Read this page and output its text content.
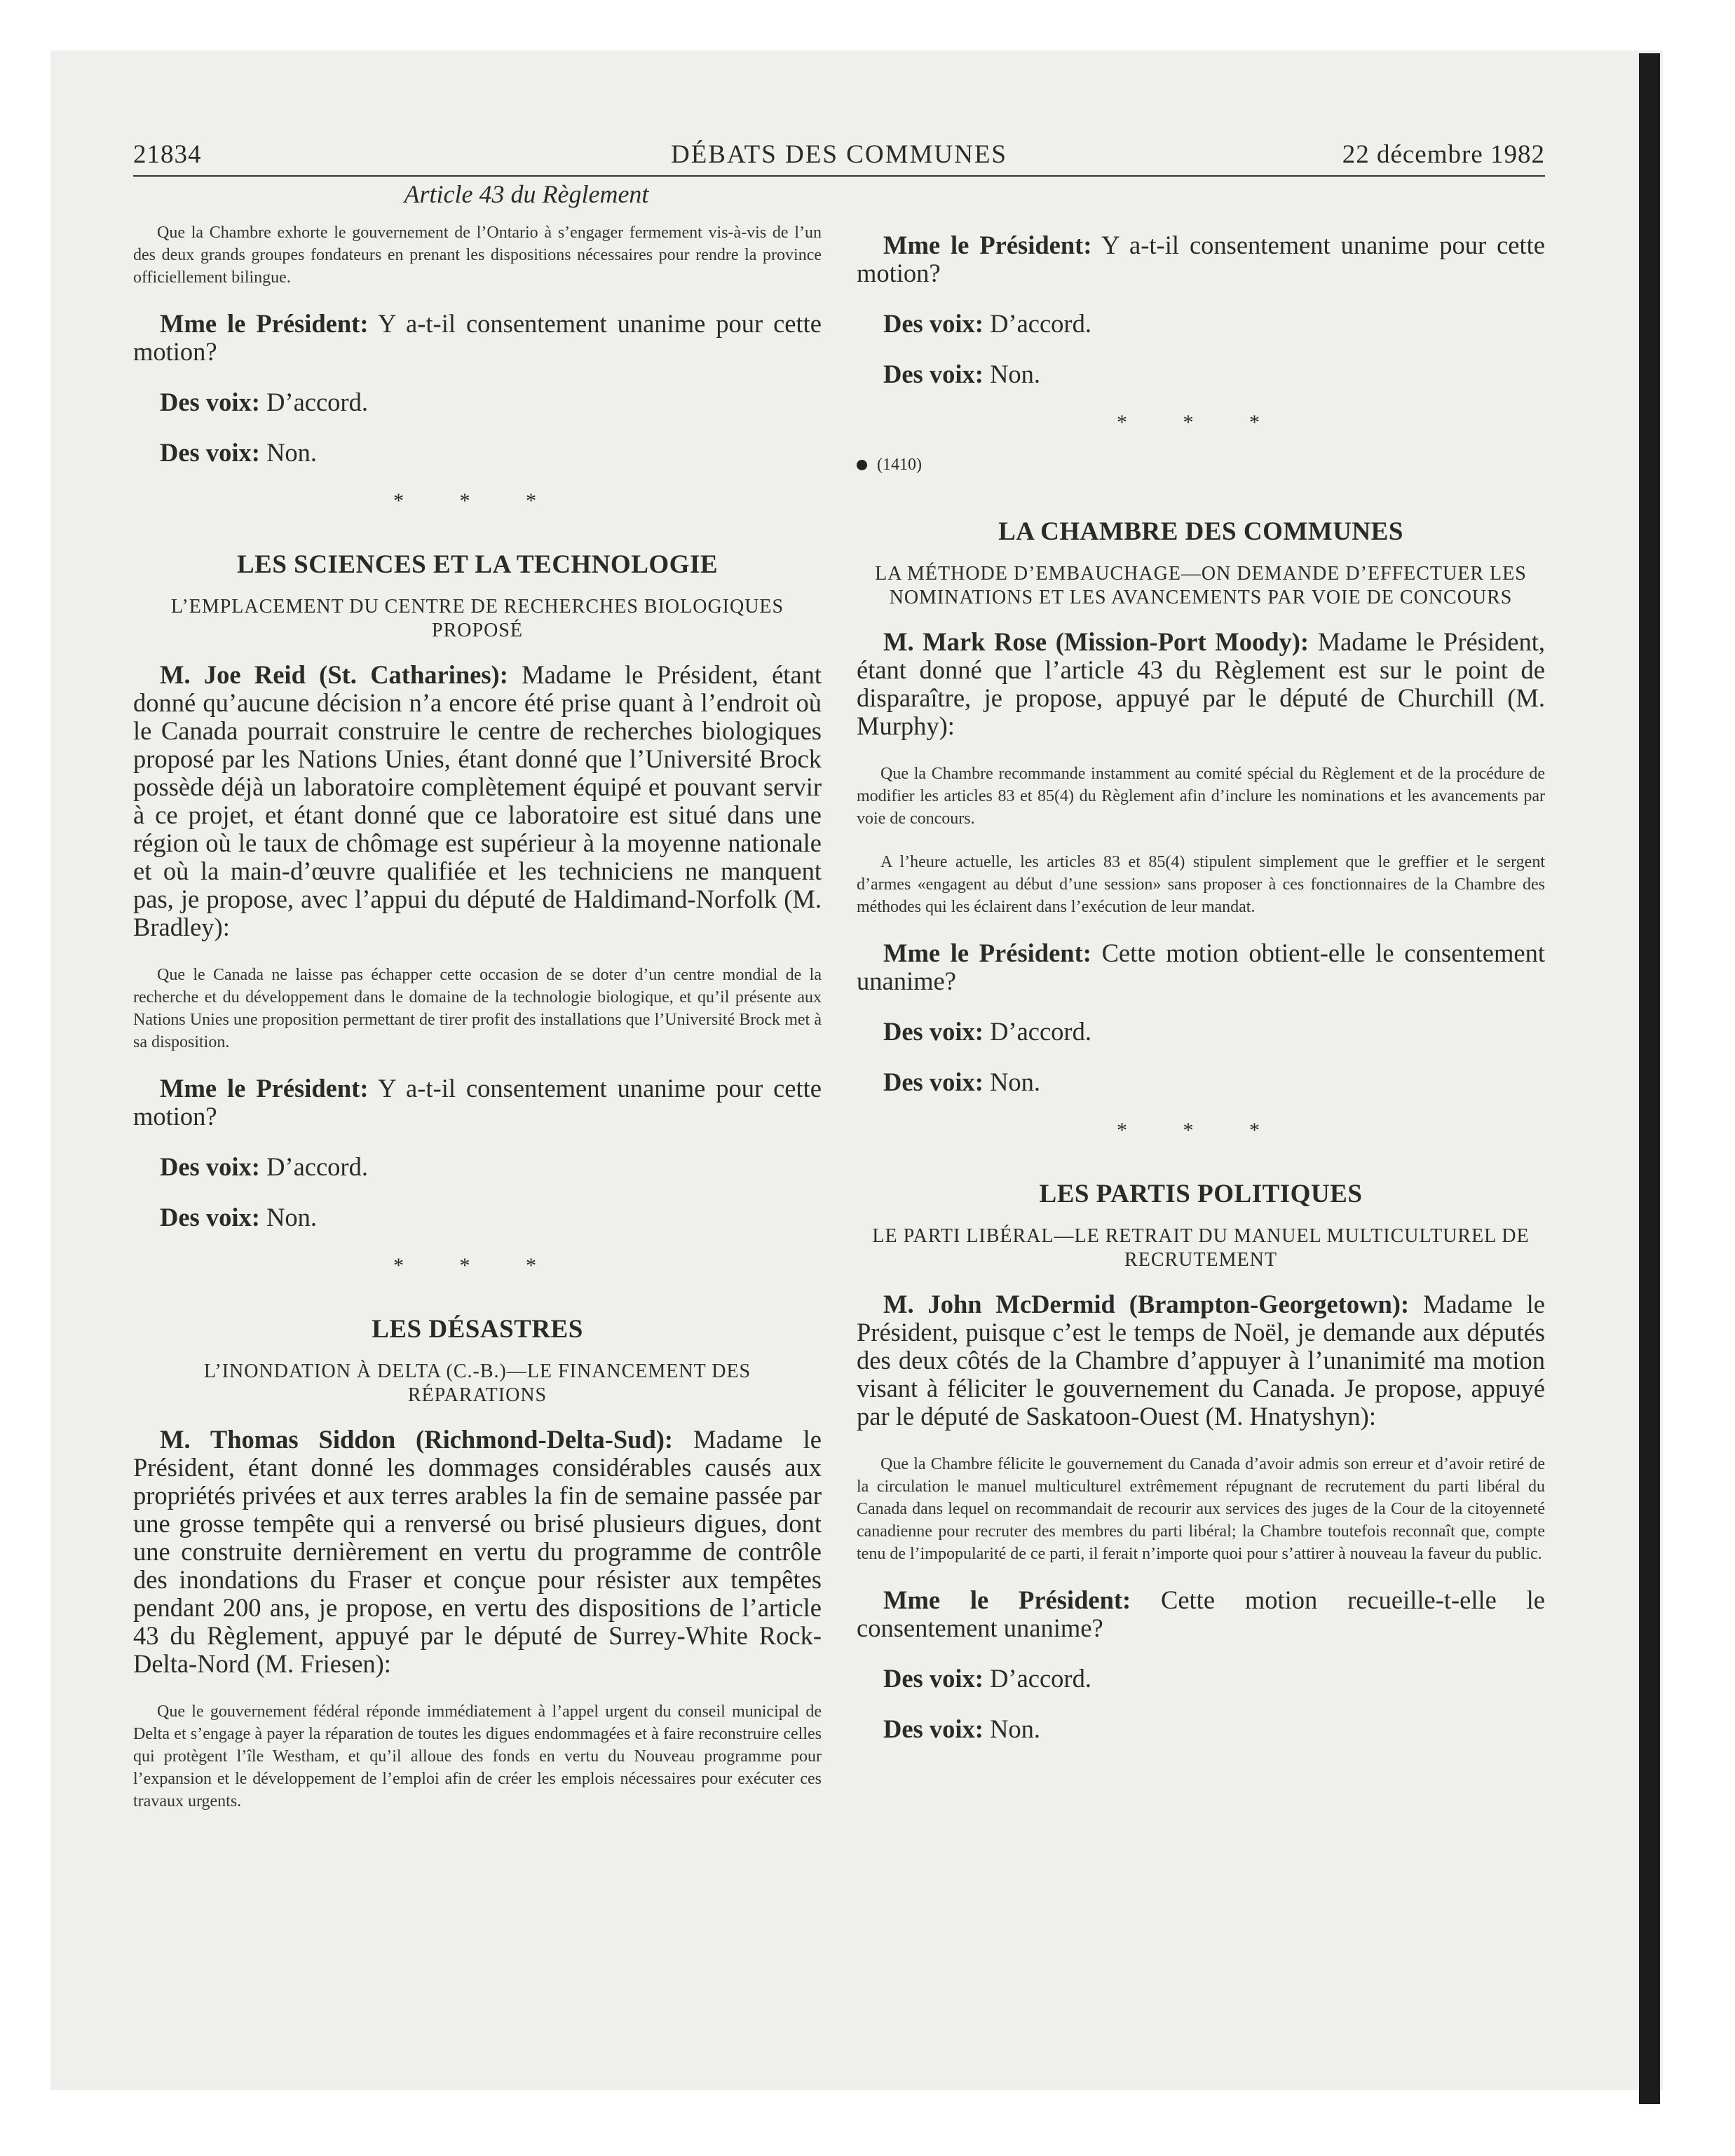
21834	DÉBATS DES COMMUNES	22 décembre 1982
Article 43 du Règlement
Que la Chambre exhorte le gouvernement de l’Ontario à s’engager fermement vis-à-vis de l’un des deux grands groupes fondateurs en prenant les dispositions nécessaires pour rendre la province officiellement bilingue.
Mme le Président: Y a-t-il consentement unanime pour cette motion?
Des voix: D’accord.
Des voix: Non.
* * *
LES SCIENCES ET LA TECHNOLOGIE
L’EMPLACEMENT DU CENTRE DE RECHERCHES BIOLOGIQUES PROPOSÉ
M. Joe Reid (St. Catharines): Madame le Président, étant donné qu’aucune décision n’a encore été prise quant à l’endroit où le Canada pourrait construire le centre de recherches biologiques proposé par les Nations Unies, étant donné que l’Université Brock possède déjà un laboratoire complètement équipé et pouvant servir à ce projet, et étant donné que ce laboratoire est situé dans une région où le taux de chômage est supérieur à la moyenne nationale et où la main-d’œuvre qualifiée et les techniciens ne manquent pas, je propose, avec l’appui du député de Haldimand-Norfolk (M. Bradley):
Que le Canada ne laisse pas échapper cette occasion de se doter d’un centre mondial de la recherche et du développement dans le domaine de la technologie biologique, et qu’il présente aux Nations Unies une proposition permettant de tirer profit des installations que l’Université Brock met à sa disposition.
Mme le Président: Y a-t-il consentement unanime pour cette motion?
Des voix: D’accord.
Des voix: Non.
* * *
LES DÉSASTRES
L’INONDATION À DELTA (C.-B.)—LE FINANCEMENT DES RÉPARATIONS
M. Thomas Siddon (Richmond-Delta-Sud): Madame le Président, étant donné les dommages considérables causés aux propriétés privées et aux terres arables la fin de semaine passée par une grosse tempête qui a renversé ou brisé plusieurs digues, dont une construite dernièrement en vertu du programme de contrôle des inondations du Fraser et conçue pour résister aux tempêtes pendant 200 ans, je propose, en vertu des dispositions de l’article 43 du Règlement, appuyé par le député de Surrey-White Rock-Delta-Nord (M. Friesen):
Que le gouvernement fédéral réponde immédiatement à l’appel urgent du conseil municipal de Delta et s’engage à payer la réparation de toutes les digues endommagées et à faire reconstruire celles qui protègent l’île Westham, et qu’il alloue des fonds en vertu du Nouveau programme pour l’expansion et le développement de l’emploi afin de créer les emplois nécessaires pour exécuter ces travaux urgents.
Mme le Président: Y a-t-il consentement unanime pour cette motion?
Des voix: D’accord.
Des voix: Non.
* * *
(1410)
LA CHAMBRE DES COMMUNES
LA MÉTHODE D’EMBAUCHAGE—ON DEMANDE D’EFFECTUER LES NOMINATIONS ET LES AVANCEMENTS PAR VOIE DE CONCOURS
M. Mark Rose (Mission-Port Moody): Madame le Président, étant donné que l’article 43 du Règlement est sur le point de disparaître, je propose, appuyé par le député de Churchill (M. Murphy):
Que la Chambre recommande instamment au comité spécial du Règlement et de la procédure de modifier les articles 83 et 85(4) du Règlement afin d’inclure les nominations et les avancements par voie de concours.
A l’heure actuelle, les articles 83 et 85(4) stipulent simplement que le greffier et le sergent d’armes «engagent au début d’une session» sans proposer à ces fonctionnaires de la Chambre des méthodes qui les éclairent dans l’exécution de leur mandat.
Mme le Président: Cette motion obtient-elle le consentement unanime?
Des voix: D’accord.
Des voix: Non.
* * *
LES PARTIS POLITIQUES
LE PARTI LIBÉRAL—LE RETRAIT DU MANUEL MULTICULTUREL DE RECRUTEMENT
M. John McDermid (Brampton-Georgetown): Madame le Président, puisque c’est le temps de Noël, je demande aux députés des deux côtés de la Chambre d’appuyer à l’unanimité ma motion visant à féliciter le gouvernement du Canada. Je propose, appuyé par le député de Saskatoon-Ouest (M. Hnatyshyn):
Que la Chambre félicite le gouvernement du Canada d’avoir admis son erreur et d’avoir retiré de la circulation le manuel multiculturel extrêmement répugnant de recrutement du parti libéral du Canada dans lequel on recommandait de recourir aux services des juges de la Cour de la citoyenneté canadienne pour recruter des membres du parti libéral; la Chambre toutefois reconnaît que, compte tenu de l’impopularité de ce parti, il ferait n’importe quoi pour s’attirer à nouveau la faveur du public.
Mme le Président: Cette motion recueille-t-elle le consentement unanime?
Des voix: D’accord.
Des voix: Non.
